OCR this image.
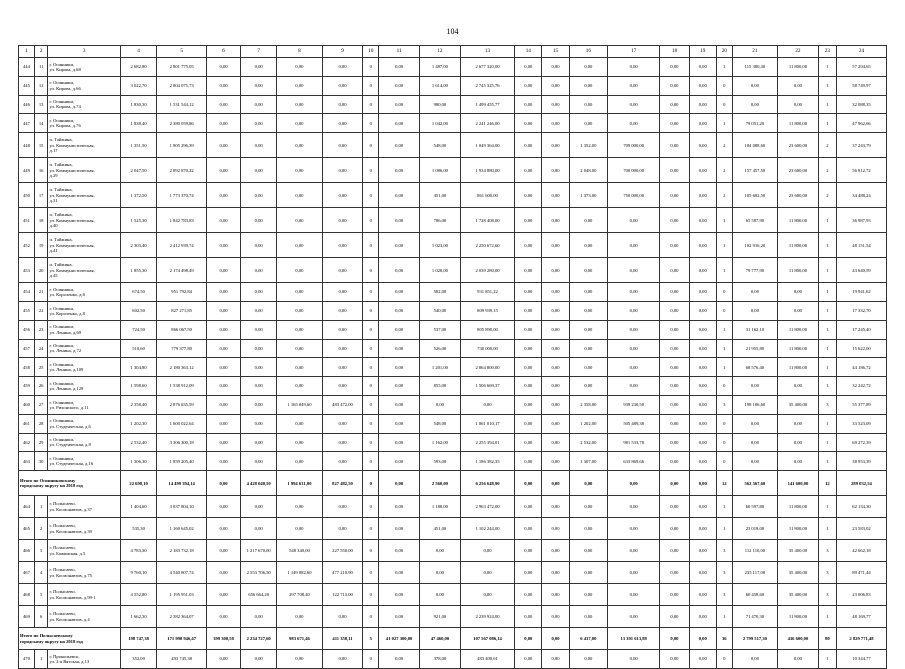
104
1	2	3	4	5	6	7	8	9	10	11	12	13	14	15	16	17	18	19	20	21	22	23	24
444	11	г. Осинники,
ул. Кирова, д.68	2 682,80	2 801 775,05	0,00	0,00	0,00	0,00	0	0,00	1 487,00	2 677 320,00	0,00	0,00	0,00	0,00	0,00	0,00	1	115 380,40	11 800,00	1	57 294,65
445	12	г. Осинники,
ул. Кирова, д.66	3 022,70	2 804 075,73	0,00	0,00	0,00	0,00	0	0,00	1 614,00	2 745 325,76	0,00	0,00	0,00	0,00	0,00	0,00	0	0,00	0,00	1	58 749,97
446	13	г. Осинники,
ул. Кирова, д.74	1 830,30	1 531 544,12	0,00	0,00	0,00	0,00	0	0,00	980,00	1 499 455,77	0,00	0,00	0,00	0,00	0,00	0,00	0	0,00	0,00	1	32 088,35
447	14	г. Осинники,
ул. Кирова, д.76	1 838,40	2 380 059,86	0,00	0,00	0,00	0,00	0	0,00	1 042,00	2 241 246,00	0,00	0,00	0,00	0,00	0,00	0,00	1	79 051,20	11 800,00	1	47 962,66
448	15	п. Тайжина,
ул. Коммунистическая,
д.17	1 351,50	1 905 296,39	0,00	0,00	0,00	0,00	0	0,00	548,00	1 049 364,00	0,00	0,00	1 352,00	709 000,00	0,00	0,00	2	104 088,60	23 600,00	2	37 243,79
449	16	п. Тайжина,
ул. Коммунистическая,
д.29	2 047,50	2 892 870,22	0,00	0,00	0,00	0,00	0	0,00	1 086,00	1 934 880,00	0,00	0,00	2 048,00	700 000,00	0,00	0,00	2	157 457,50	23 600,00	2	56 812,72
450	17	п. Тайжина,
ул. Коммунистическая,
д.31	1 372,50	1 773 370,74	0,00	0,00	0,00	0,00	0	0,00	451,00	861 600,00	0,00	0,00	1 373,00	750 000,00	0,00	0,00	2	105 682,50	23 600,00	2	34 488,24
451	18	п. Тайжина,
ул. Коммунистическая,
д.40	1 525,30	1 842 783,83	0,00	0,00	0,00	0,00	0	0,00	786,00	1 728 408,00	0,00	0,00	0,00	0,00	0,00	0,00	1	65 587,90	11 800,00	1	36 987,93
452	19	п. Тайжина,
ул. Коммунистическая,
д.41	2 303,40	2 412 939,74	0,00	0,00	0,00	0,00	0	0,00	1 023,00	2 250 672,60	0,00	0,00	0,00	0,00	0,00	0,00	1	102 916,20	11 800,00	1	48 151,54
453	20	п. Тайжина,
ул. Коммунистическая,
д.45	1 855,30	2 174 498,49	0,00	0,00	0,00	0,00	0	0,00	1 020,00	2 039 280,00	0,00	0,00	0,00	0,00	0,00	0,00	1	79 777,90	11 800,00	1	43 640,59
454	21	г. Осинники,
ул. Короленко, д.6	674,50	951 792,84	0,00	0,00	0,00	0,00	0	0,00	582,00	931 851,22	0,00	0,00	0,00	0,00	0,00	0,00	0	0,00	0,00	1	19 941,62
455	22	г. Осинники,
ул. Короленко, д.8	602,50	827 271,85	0,00	0,00	0,00	0,00	0	0,00	540,00	809 939,15	0,00	0,00	0,00	0,00	0,00	0,00	0	0,00	0,00	1	17 332,70
456	23	г. Осинники,
ул. Ленина, д.69	724,50	866 067,50	0,00	0,00	0,00	0,00	0	0,00	537,00	805 890,00	0,00	0,00	0,00	0,00	0,00	0,00	1	31 162,10	11 800,00	1	17 245,40
457	24	г. Осинники,
ул. Ленина, д.72	510,60	779 377,80	0,00	0,00	0,00	0,00	0	0,00	526,00	730 000,00	0,00	0,00	0,00	0,00	0,00	0,00	1	21 955,80	11 800,00	1	15 622,00
458	25	г. Осинники,
ул. Ленина, д.109	1 304,80	2 180 363,12	0,00	0,00	0,00	0,00	0	0,00	1 201,00	2 064 800,00	0,00	0,00	0,00	0,00	0,00	0,00	1	68 576,40	11 800,00	1	44 186,72
459	26	г. Осинники,
ул. Ленина, д.129	1 598,60	1 538 912,09	0,00	0,00	0,00	0,00	0	0,00	855,00	1 506 669,37	0,00	0,00	0,00	0,00	0,00	0,00	0	0,00	0,00	1	32 242,72
460	27	г. Осинники,
ул. Рихонского, д.11	2 358,40	2 876 635,59	0,00	0,00	1 165 049,60	483 472,00	0	0,00	0,00	0,00	0,00	0,00	2 358,00	939 230,50	0,00	0,00	3	198 106,60	35 400,00	3	55 377,89
461	28	г. Осинники,
ул. Студенческая, д.6	1 202,30	1 600 022,64	0,00	0,00	0,00	0,00	0	0,00	548,00	1 061 010,17	0,00	0,00	1 202,00	505 489,38	0,00	0,00	0	0,00	0,00	1	33 523,09
462	29	г. Осинники,
ул. Студенческая, д.8	2 532,40	3 306 300,18	0,00	0,00	0,00	0,00	0	0,00	1 162,00	2 255 394,01	0,00	0,00	2 532,00	981 533,78	0,00	0,00	0	0,00	0,00	1	69 272,39
463	30	г. Осинники,
ул. Студенческая, д.16	1 306,30	1 859 205,40	0,00	0,00	0,00	0,00	0	0,00	593,00	1 186 382,35	0,00	0,00	1 307,00	633 869,66	0,00	0,00	0	0,00	0,00	1	38 953,39
Итого по Осинниковскому
городскому округу на 2018 год			22 698,10	14 499 394,14	0,00	4 428 040,50	1 994 631,00	827 482,50	0	0,00	2 560,00	6 256 648,90	0,00	0,00	0,00	0,00	0,00	0,00	12	562 567,60	141 600,00	12	289 032,54
464	1	г. Полысаево,
ул. Космонавтов, д.37	1 404,60	3 037 804,10	0,00	0,00	0,00	0,00	0	0,00	1 188,00	2 963 472,00	0,00	0,00	0,00	0,00	0,00	0,00	1	60 597,80	11 800,00	1	62 134,30
465	2	г. Полысаево,
ул. Космонавтов, д.39	535,30	1 160 645,02	0,00	0,00	0,00	0,00	0	0,00	451,00	1 102 244,00	0,00	0,00	0,00	0,00	0,00	0,00	1	23 018,00	11 800,00	1	23 583,02
466	3	г. Полысаево,
ул. Бажинская, д.5	4 783,30	2 183 732,18	0,00	1 217 670,00	548 340,00	227 550,00	0	0,00	0,00	0,00	0,00	0,00	0,00	0,00	0,00	0,00	3	112 110,00	35 400,00	3	42 662,18
467	4	г. Полысаево,
ул. Космонавтов, д.75	9 760,10	4 540 807,74	0,00	2 553 706,50	1 149 082,60	477 210,90	0	0,00	0,00	0,00	0,00	0,00	0,00	0,00	0,00	0,00	3	235 117,00	35 400,00	3	89 471,44
468	5	г. Полысаево,
ул. Космонавтов, д.99-1	4 552,80	1 195 951,03	0,00	656 664,20	297 708,40	122 713,00	0	0,00	0,00	0,00	0,00	0,00	0,00	0,00	0,00	0,00	3	60 458,60	35 400,00	3	23 006,83
469	6	г. Полысаево,
ул. Космонавтов, д.4	1 662,30	2 382 364,07	0,00	0,00	0,00	0,00	0	0,00	921,00	2 239 924,00	0,00	0,00	0,00	0,00	0,00	0,00	1	71 470,30	11 800,00	1	48 169,77
Итого по Полысаевскому
городскому округу на 2018 год			198 747,38	171 990 946,47	399 300,50	2 234 727,60	983 671,46	411 358,11	5	41 027 300,00	47 460,00	107 567 086,14	0,00	0,00	6 437,00	13 391 613,88	0,00	0,00	36	2 799 517,30	436 600,00	80	2 829 771,48
470	1	г. Прокопьевск,
ул. 2-я Вятская, д.13	352,00	493 745,38	0,00	0,00	0,00	0,00	0	0,00	378,00	483 400,61	0,00	0,00	0,00	0,00	0,00	0,00	0	0,00	0,00	1	10 344,77
